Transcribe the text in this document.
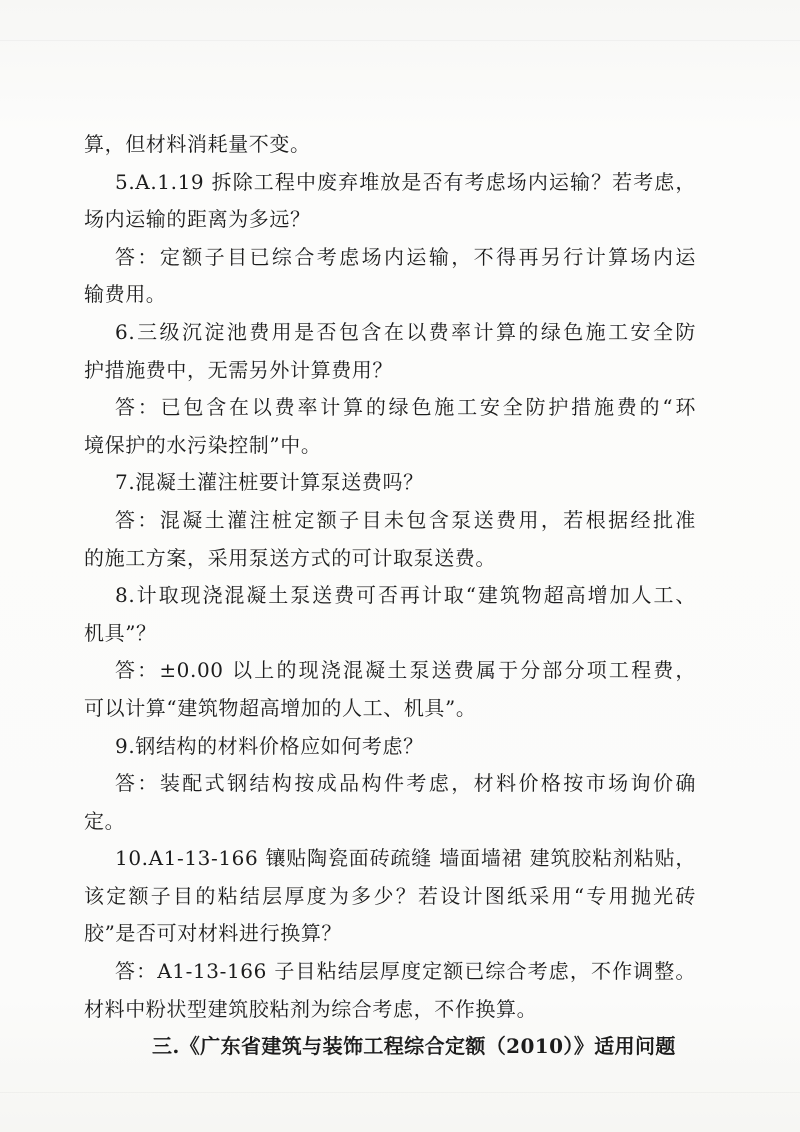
算，但材料消耗量不变。
5.A.1.19 拆除工程中废弃堆放是否有考虑场内运输？若考虑，
场内运输的距离为多远？
答：定额子目已综合考虑场内运输，不得再另行计算场内运
输费用。
6.三级沉淀池费用是否包含在以费率计算的绿色施工安全防
护措施费中，无需另外计算费用？
答：已包含在以费率计算的绿色施工安全防护措施费的“环
境保护的水污染控制”中。
7.混凝土灌注桩要计算泵送费吗？
答：混凝土灌注桩定额子目未包含泵送费用，若根据经批准
的施工方案，采用泵送方式的可计取泵送费。
8.计取现浇混凝土泵送费可否再计取“建筑物超高增加人工、
机具”？
答：±0.00 以上的现浇混凝土泵送费属于分部分项工程费，
可以计算“建筑物超高增加的人工、机具”。
9.钢结构的材料价格应如何考虑？
答：装配式钢结构按成品构件考虑，材料价格按市场询价确
定。
10.A1-13-166 镶贴陶瓷面砖疏缝 墙面墙裙 建筑胶粘剂粘贴，
该定额子目的粘结层厚度为多少？若设计图纸采用“专用抛光砖
胶”是否可对材料进行换算？
答：A1-13-166 子目粘结层厚度定额已综合考虑，不作调整。
材料中粉状型建筑胶粘剂为综合考虑，不作换算。
三.《广东省建筑与装饰工程综合定额（2010）》适用问题
